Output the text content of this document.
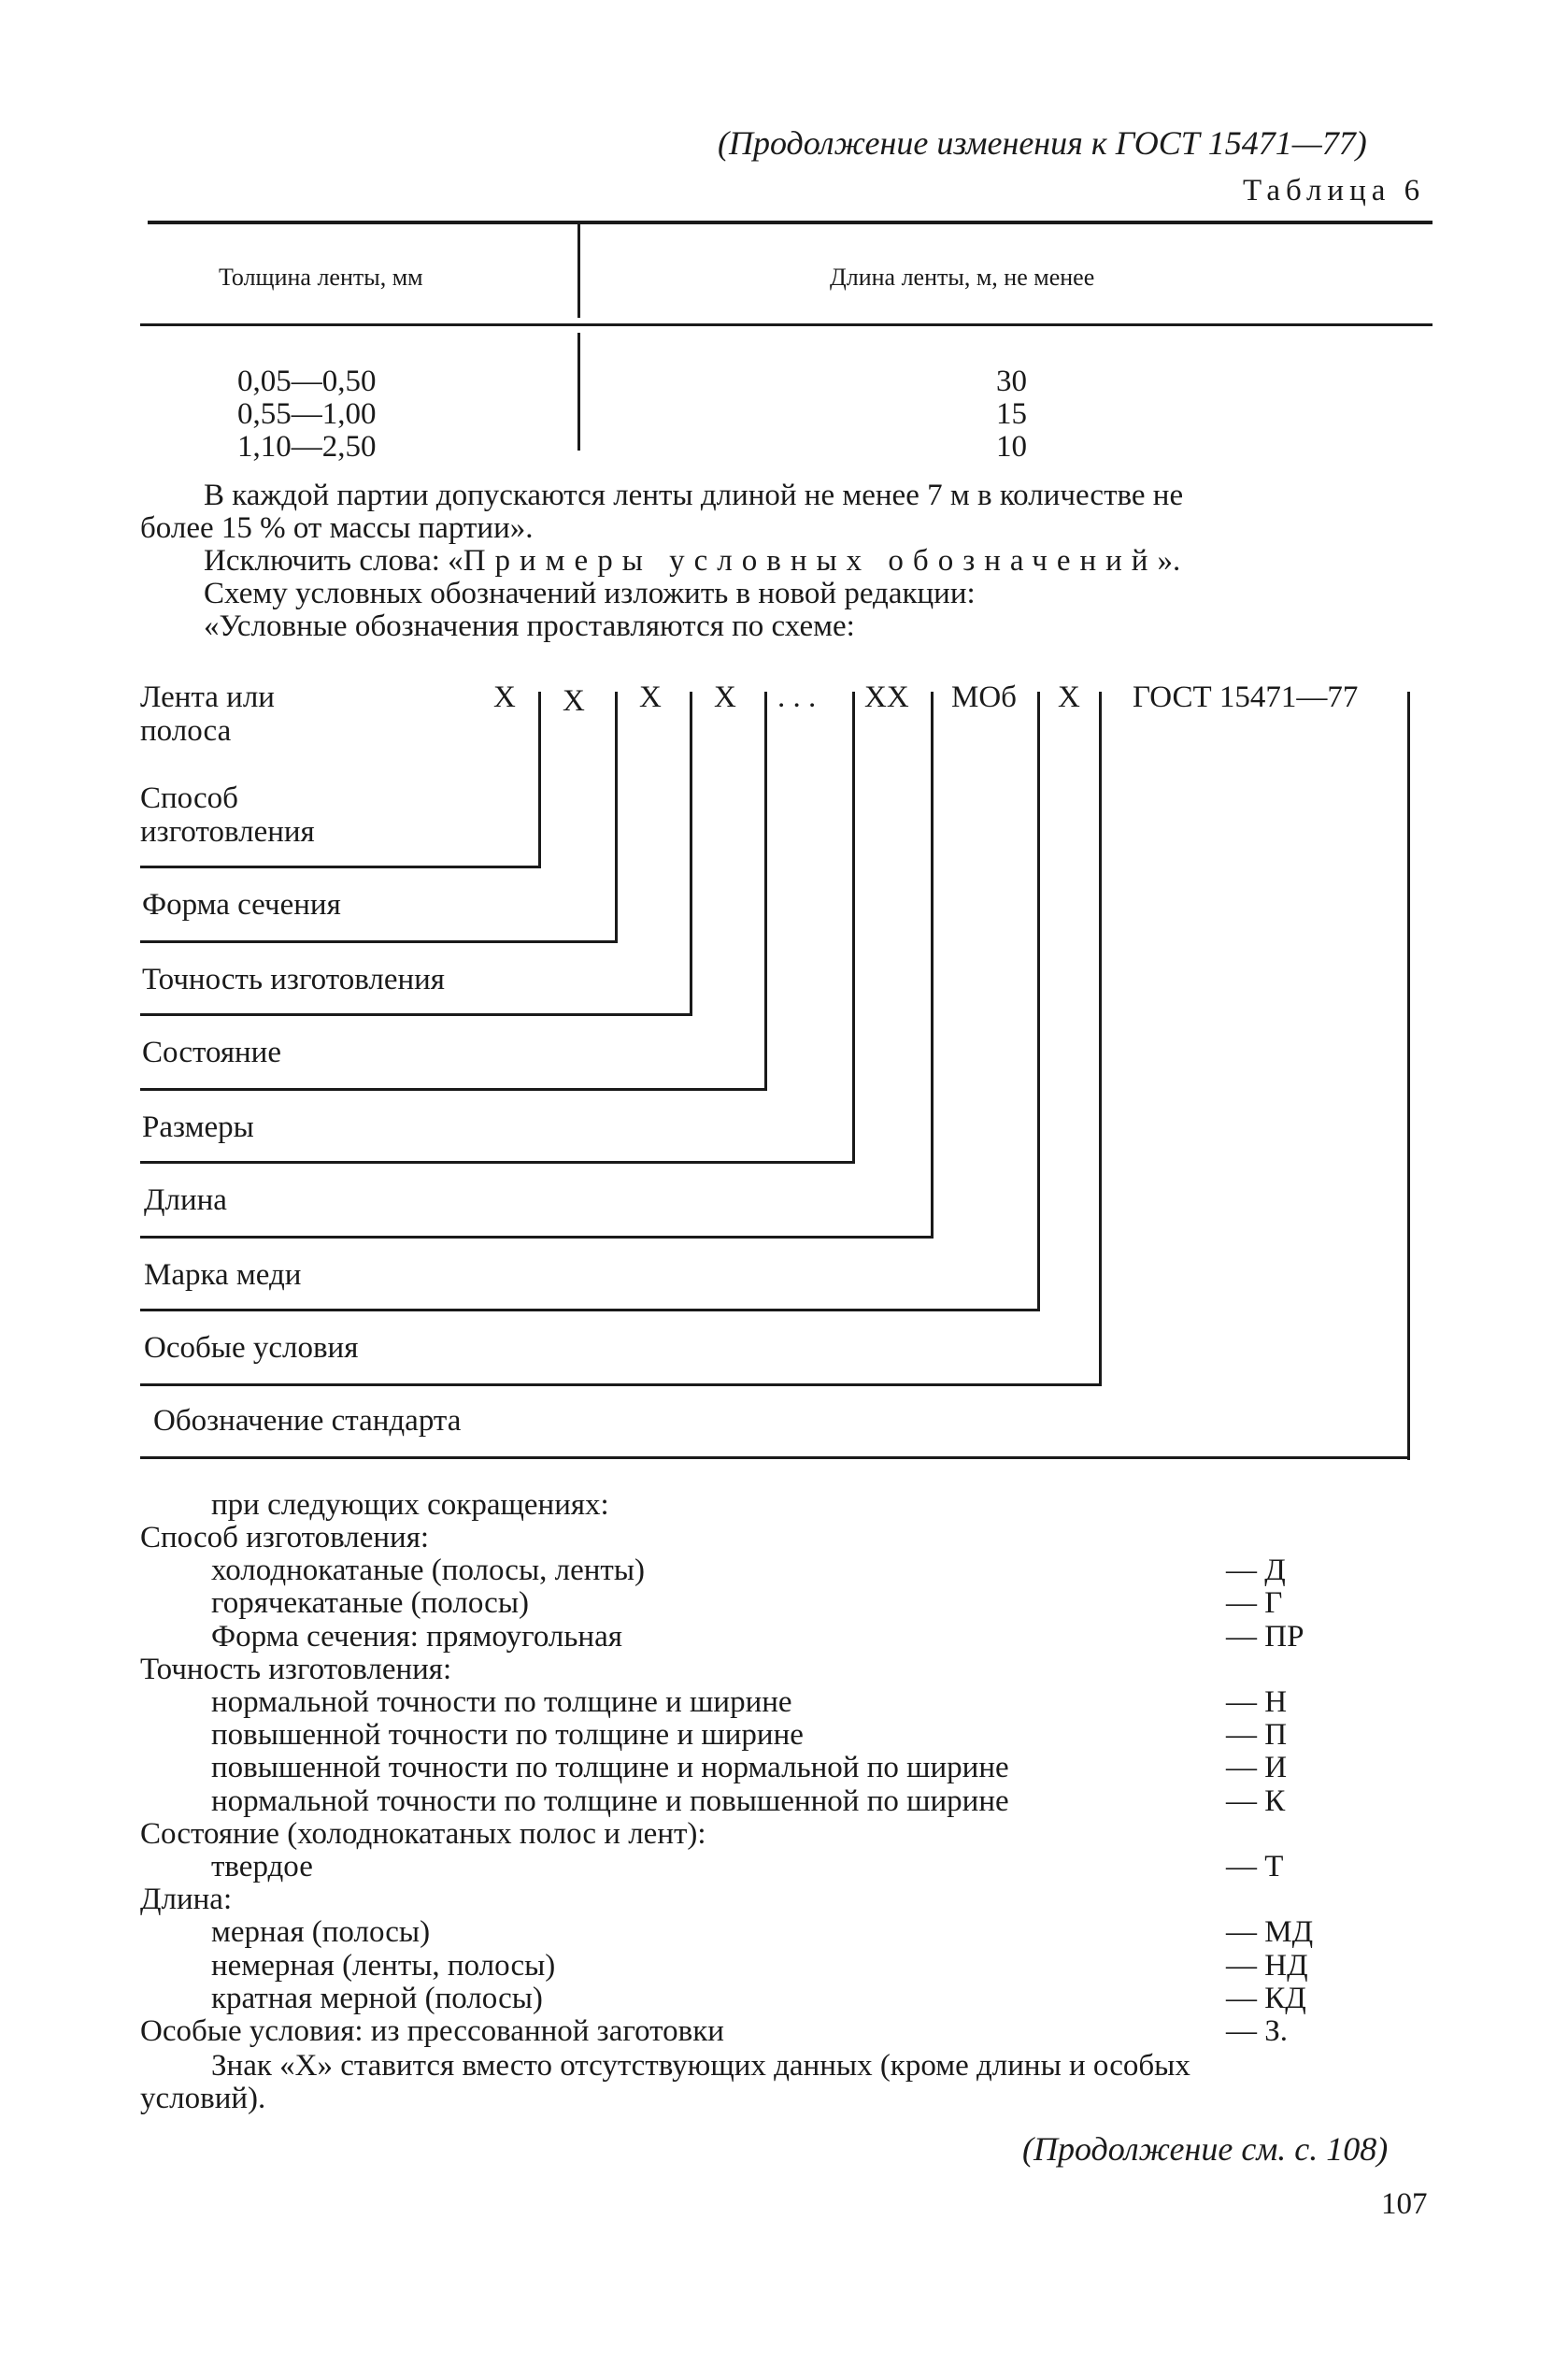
(Продолжение изменения к ГОСТ 15471—77)
Таблица 6
Толщина ленты, мм	Длина ленты, м, не менее
0,05—0,50	30
0,55—1,00	15
1,10—2,50	10
В каждой партии допускаются ленты длиной не менее 7 м в количестве не
более 15 % от массы партии».
Исключить слова: «Примеры условных обозначений».
Схему условных обозначений изложить в новой редакции:
«Условные обозначения проставляются по схеме:
X X X X . . . XX МОб X ГОСТ 15471—77
Лента или
полоса
Способ
изготовления
Форма сечения
Точность изготовления
Состояние
Размеры
Длина
Марка меди
Особые условия
Обозначение стандарта
при следующих сокращениях:
Способ изготовления:
холоднокатаные (полосы, ленты)	— Д
горячекатаные (полосы)	— Г
Форма сечения: прямоугольная	— ПР
Точность изготовления:
нормальной точности по толщине и ширине	— Н
повышенной точности по толщине и ширине	— П
повышенной точности по толщине и нормальной по ширине	— И
нормальной точности по толщине и повышенной по ширине	— К
Состояние (холоднокатаных полос и лент):
твердое	— Т
Длина:
мерная (полосы)	— МД
немерная (ленты, полосы)	— НД
кратная мерной (полосы)	— КД
Особые условия: из прессованной заготовки	— З.
Знак «X» ставится вместо отсутствующих данных (кроме длины и особых
условий).
(Продолжение см. с. 108)
107
